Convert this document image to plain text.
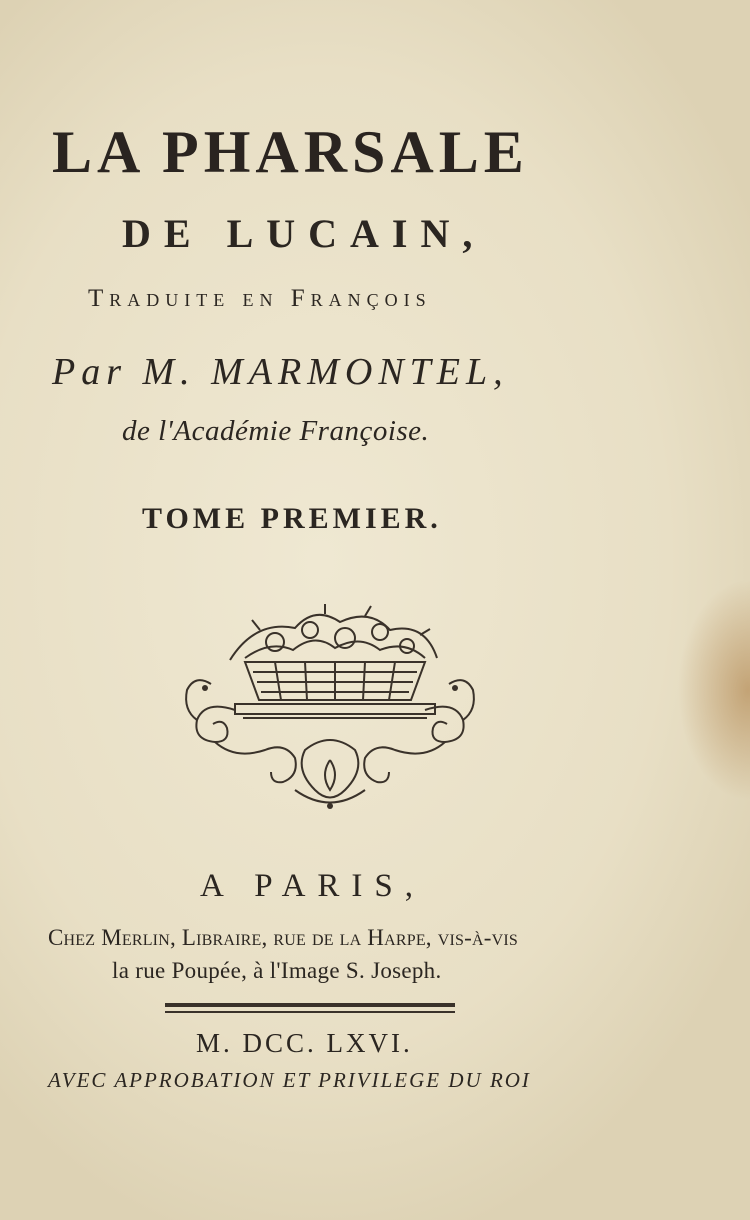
LA PHARSALE
DE LUCAIN,
Traduite en François
Par M. MARMONTEL,
de l'Académie Françoise.
TOME PREMIER.
A PARIS,
Chez Merlin, Libraire, rue de la Harpe, vis-à-vis
la rue Poupée, à l'Image S. Joseph.
M. DCC. LXVI.
AVEC APPROBATION ET PRIVILEGE DU ROI
